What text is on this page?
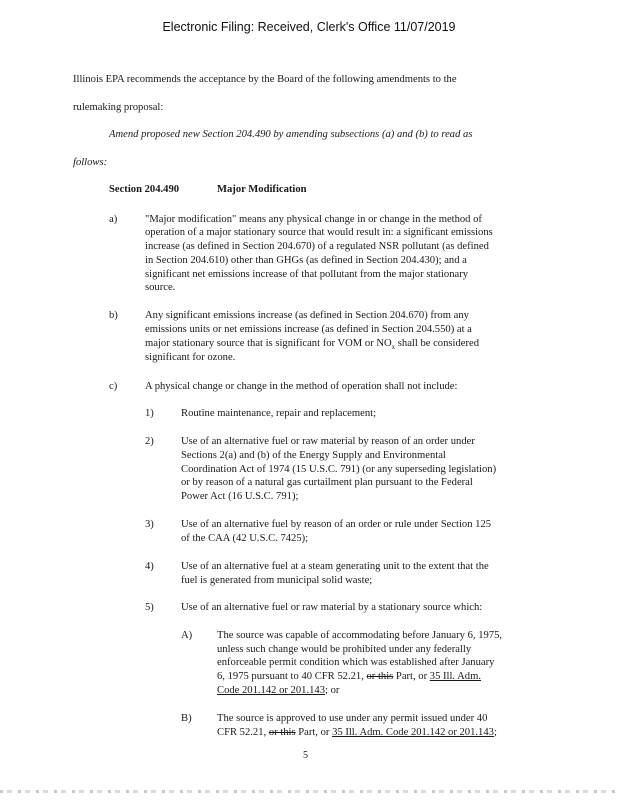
Electronic Filing: Received, Clerk's Office 11/07/2019
Illinois EPA recommends the acceptance by the Board of the following amendments to the
rulemaking proposal:
Amend proposed new Section 204.490 by amending subsections (a) and (b) to read as
follows:
Section 204.490	Major Modification
a)	"Major modification" means any physical change in or change in the method of
operation of a major stationary source that would result in: a significant emissions
increase (as defined in Section 204.670) of a regulated NSR pollutant (as defined
in Section 204.610) other than GHGs (as defined in Section 204.430); and a
significant net emissions increase of that pollutant from the major stationary
source.
b)	Any significant emissions increase (as defined in Section 204.670) from any
emissions units or net emissions increase (as defined in Section 204.550) at a
major stationary source that is significant for VOM or $NO_x$ shall be considered
significant for ozone.
c)	A physical change or change in the method of operation shall not include:
1)	Routine maintenance, repair and replacement;
2)	Use of an alternative fuel or raw material by reason of an order under
Sections 2(a) and (b) of the Energy Supply and Environmental
Coordination Act of 1974 (15 U.S.C. 791) (or any superseding legislation)
or by reason of a natural gas curtailment plan pursuant to the Federal
Power Act (16 U.S.C. 791);
3)	Use of an alternative fuel by reason of an order or rule under Section 125
of the CAA (42 U.S.C. 7425);
4)	Use of an alternative fuel at a steam generating unit to the extent that the
fuel is generated from municipal solid waste;
5)	Use of an alternative fuel or raw material by a stationary source which:
A) The source was capable of accommodating before January 6, 1975,
unless such change would be prohibited under any federally
enforceable permit condition which was established after January
6, 1975 pursuant to 40 CFR 52.21, or this Part, or 35 Ill. Adm.
Code 201.142 or 201.143; or
B) The source is approved to use under any permit issued under 40
CFR 52.21, or this Part, or 35 Ill. Adm. Code 201.142 or 201.143;
5
